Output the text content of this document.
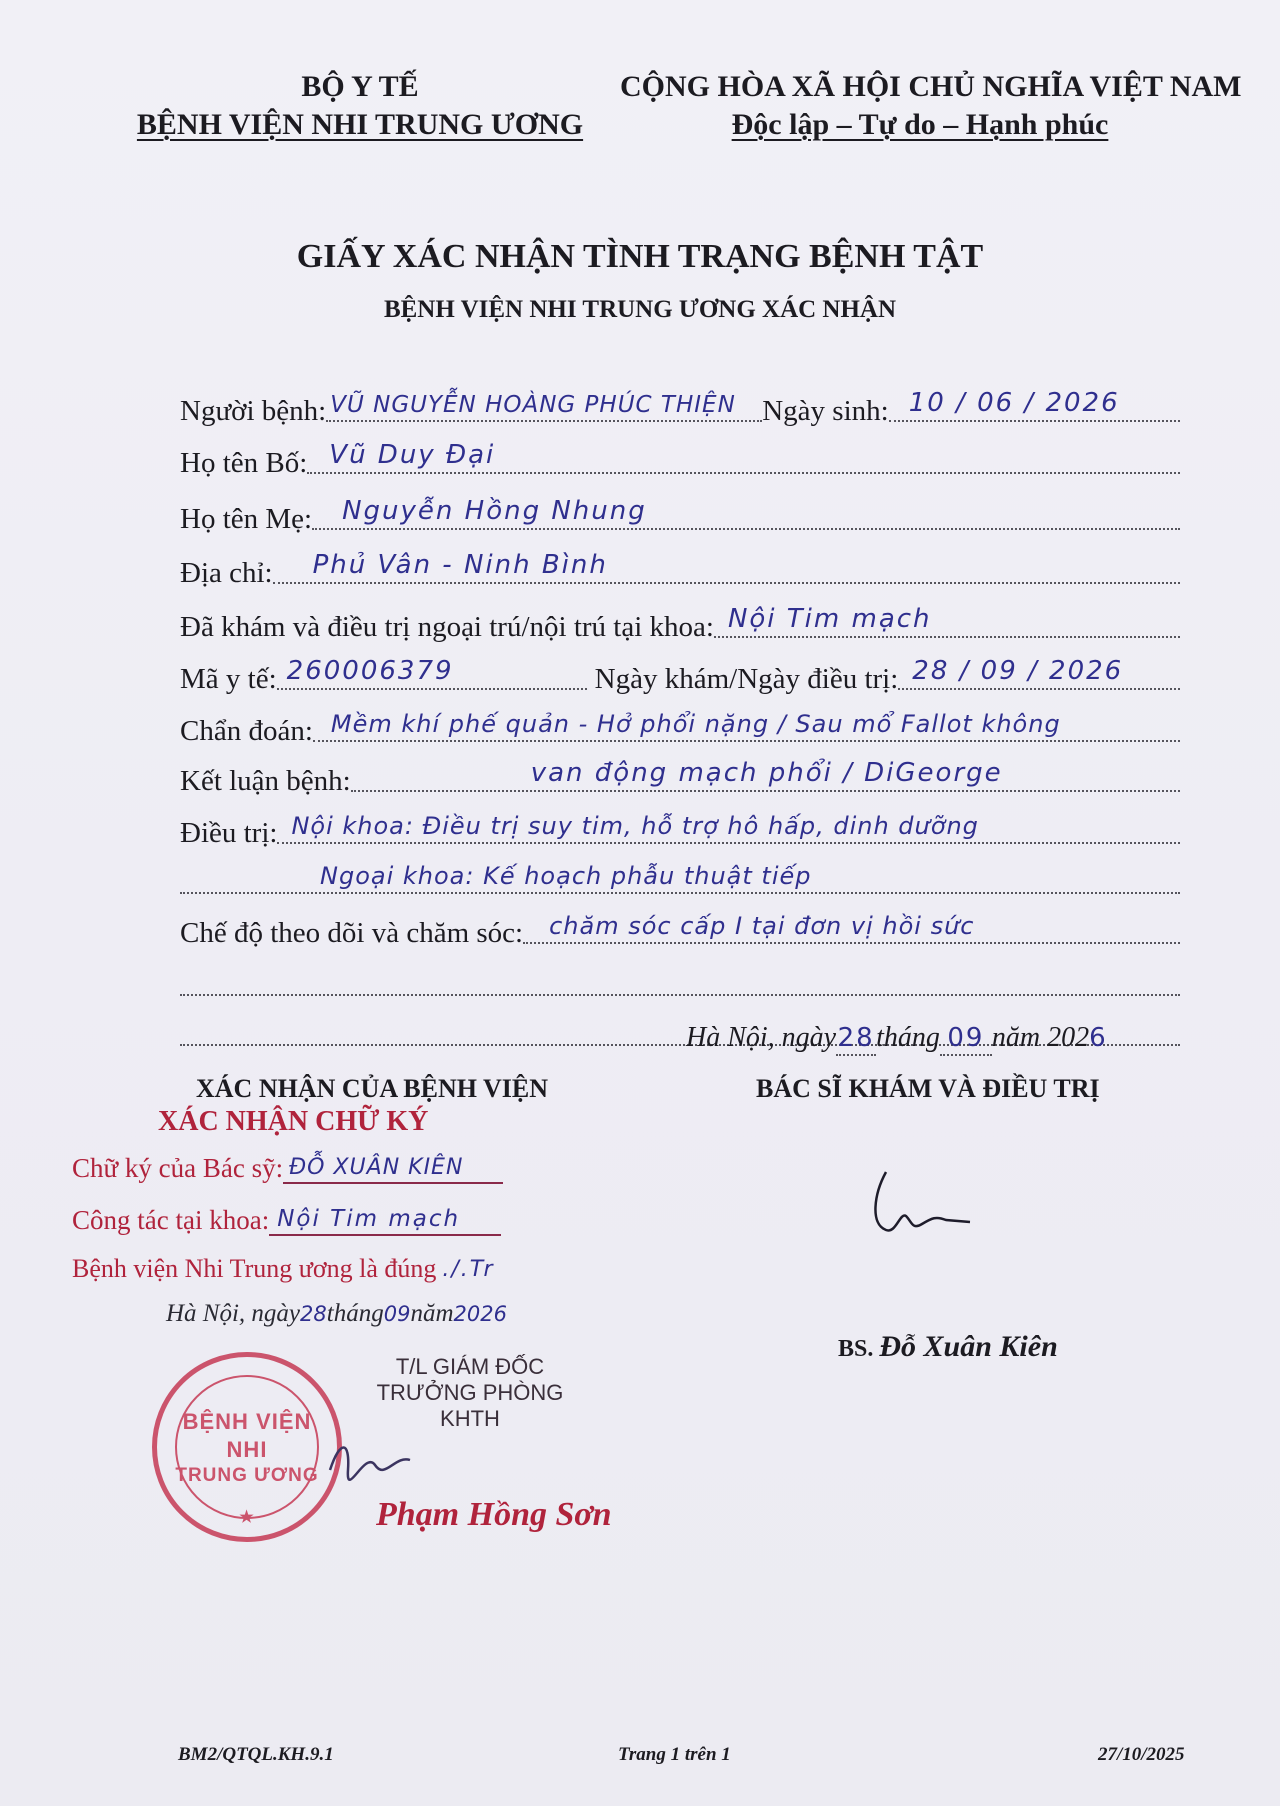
BỘ Y TẾ
BỆNH VIỆN NHI TRUNG ƯƠNG
CỘNG HÒA XÃ HỘI CHỦ NGHĨA VIỆT NAM
Độc lập – Tự do – Hạnh phúc
GIẤY XÁC NHẬN TÌNH TRẠNG BỆNH TẬT
BỆNH VIỆN NHI TRUNG ƯƠNG XÁC NHẬN
Người bệnh: VŨ NGUYỄN HOÀNG PHÚC THIỆN Ngày sinh: 10 / 06 / 2026
Họ tên Bố: Vũ Duy Đại
Họ tên Mẹ: Nguyễn Hồng Nhung
Địa chỉ: Phủ Vân - Ninh Bình
Đã khám và điều trị ngoại trú/nội trú tại khoa: Nội Tim mạch
Mã y tế: 260006379	Ngày khám/Ngày điều trị: 28 / 09 / 2026
Chẩn đoán: Mềm khí phế quản - Hở phổi nặng / Sau mổ Fallot không
Kết luận bệnh:	van động mạch phổi / DiGeorge
Điều trị: Nội khoa: Điều trị suy tim, hỗ trợ hô hấp, dinh dưỡng
Ngoại khoa: Kế hoạch phẫu thuật tiếp
Chế độ theo dõi và chăm sóc: chăm sóc cấp I tại đơn vị hồi sức
Hà Nội, ngày28tháng 09 năm 2026
XÁC NHẬN CỦA BỆNH VIỆN
XÁC NHẬN CHỮ KÝ
Chữ ký của Bác sỹ: ĐỖ XUÂN KIÊN
Công tác tại khoa: Nội Tim mạch
Bệnh viện Nhi Trung ương là đúng ./.Tr
Hà Nội, ngày28tháng09năm2026
T/L GIÁM ĐỐC
TRƯỞNG PHÒNG KHTH
BỆNH VIỆN
NHI
TRUNG ƯƠNG
★	Phạm Hồng Sơn
BÁC SĨ KHÁM VÀ ĐIỀU TRỊ
BS. Đỗ Xuân Kiên
BM2/QTQL.KH.9.1	Trang 1 trên 1	27/10/2025
